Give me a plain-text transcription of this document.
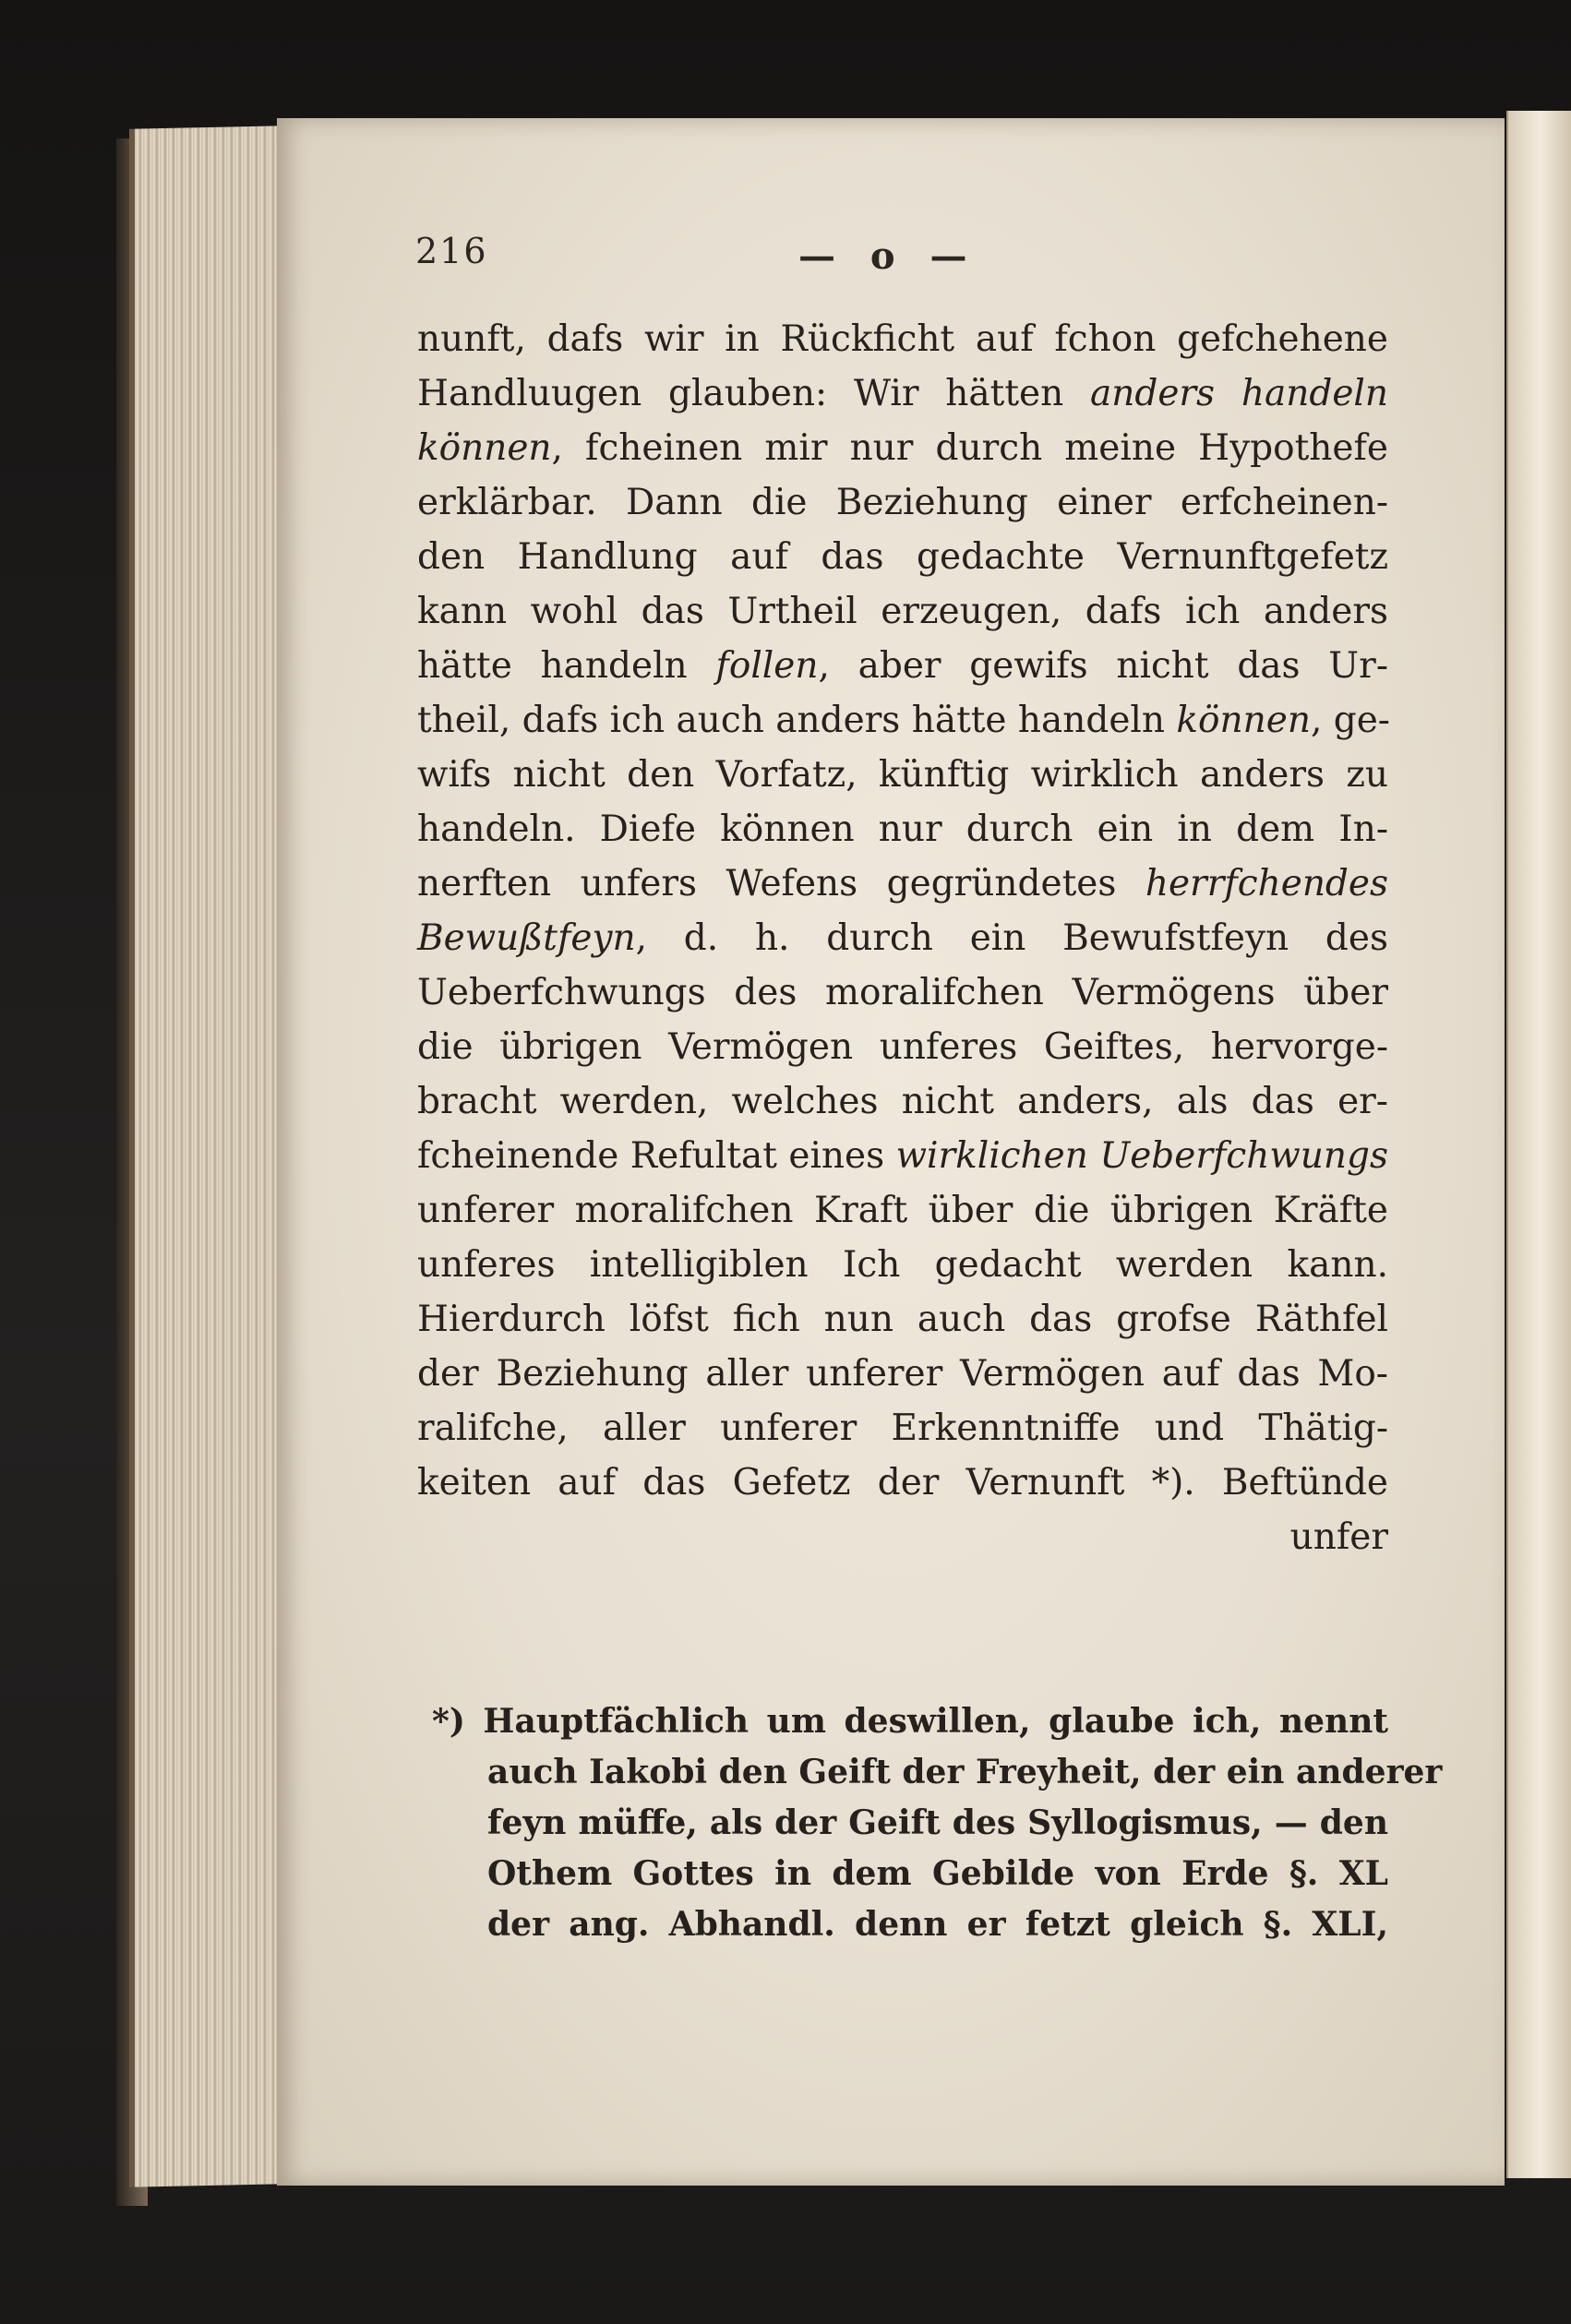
216	— o —
nunft, dafs wir in Rückficht auf fchon gefchehene
Handluugen glauben: Wir hätten anders handeln
können, fcheinen mir nur durch meine Hypothefe
erklärbar. Dann die Beziehung einer erfcheinen-
den Handlung auf das gedachte Vernunftgefetz
kann wohl das Urtheil erzeugen, dafs ich anders
hätte handeln follen, aber gewifs nicht das Ur-
theil, dafs ich auch anders hätte handeln können, ge-
wifs nicht den Vorfatz, künftig wirklich anders zu
handeln. Diefe können nur durch ein in dem In-
nerften unfers Wefens gegründetes herrfchendes
Bewußtfeyn, d. h. durch ein Bewufstfeyn des
Ueberfchwungs des moralifchen Vermögens über
die übrigen Vermögen unferes Geiftes, hervorge-
bracht werden, welches nicht anders, als das er-
fcheinende Refultat eines wirklichen Ueberfchwungs
unferer moralifchen Kraft über die übrigen Kräfte
unferes intelligiblen Ich gedacht werden kann.
Hierdurch löfst fich nun auch das grofse Räthfel
der Beziehung aller unferer Vermögen auf das Mo-
ralifche, aller unferer Erkenntniffe und Thätig-
keiten auf das Gefetz der Vernunft *). Beftünde
unfer
*) Hauptfächlich um deswillen, glaube ich, nennt
auch Iakobi den Geift der Freyheit, der ein anderer
feyn müffe, als der Geift des Syllogismus, — den
Othem Gottes in dem Gebilde von Erde §. XL
der ang. Abhandl. denn er fetzt gleich §. XLI,
